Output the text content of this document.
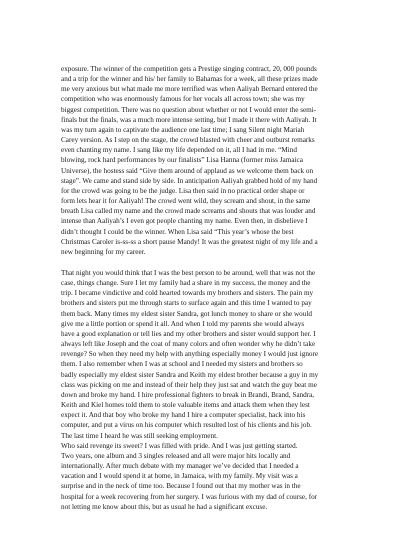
exposure. The winner of the competition gets a Prestige singing contract, 20, 000 pounds
and a trip for the winner and his/ her family to Bahamas for a week, all these prizes made
me very anxious but what made me more terrified was when Aaliyah Bernard entered the
competition who was enormously famous for her vocals all across town; she was my
biggest competition. There was no question about whether or not I would enter the semi-
finals but the finals, was a much more intense setting, but I made it there with Aaliyah. It
was my turn again to captivate the audience one last time; I sang Silent night Mariah
Carey version. As I step on the stage, the crowd blasted with cheer and outburst remarks
even chanting my name. I sang like my life depended on it, all I had in me. “Mind
blowing, rock hard performances by our finalists” Lisa Hanna (former miss Jamaica
Universe), the hostess said “Give them around of applaud as we welcome them back on
stage”. We came and stand side by side. In anticipation Aaliyah grabbed hold of my hand
for the crowd was going to be the judge. Lisa then said in no practical order shape or
form lets hear it for Aaliyah! The crowd went wild, they scream and shout, in the same
breath Lisa called my name and the crowd made screams and shouts that was louder and
intense than Aaliyah’s I even got people chanting my name. Even then, in disbelieve I
didn’t thought I could be the winner. When Lisa said “This year’s whose the best
Christmas Caroler is-ss-ss a short pause Mandy! It was the greatest night of my life and a
new beginning for my career.

That night you would think that I was the best person to be around, well that was not the
case, things change. Sure I let my family had a share in my success, the money and the
trip. I became vindictive and cold hearted towards my brothers and sisters. The pain my
brothers and sisters put me through starts to surface again and this time I wanted to pay
them back. Many times my eldest sister Sandra, got lunch money to share or she would
give me a little portion or spend it all. And when I told my parents she would always
have a good explanation or tell lies and my other brothers and sister would support her. I
always left like Joseph and the coat of many colors and often wonder why he didn’t take
revenge? So when they need my help with anything especially money I would just ignore
them. I also remember when I was at school and I needed my sisters and brothers so
badly especially my eldest sister Sandra and Keith my eldest brother because a guy in my
class was picking on me and instead of their help they just sat and watch the guy beat me
down and broke my hand. I hire professional fighters to break in Brandi, Brand, Sandra,
Keith and Kiel homes told them to stole valuable items and attack them when they lest
expect it. And that boy who broke my hand I hire a computer specialist, hack into his
computer, and put a virus on his computer which resulted lost of his clients and his job.
The last time I heard he was still seeking employment.
Who said revenge its sweet? I was filled with pride. And I was just getting started.

Two years, one album and 3 singles released and all were major hits locally and
internationally. After much debate with my manager we’ve decided that I needed a
vacation and I would spend it at home, in Jamaica, with my family. My visit was a
surprise and in the neck of time too. Because I found out that my mother was in the
hospital for a week recovering from her surgery. I was furious with my dad of course, for
not letting me know about this, but as usual he had a significant excuse.
